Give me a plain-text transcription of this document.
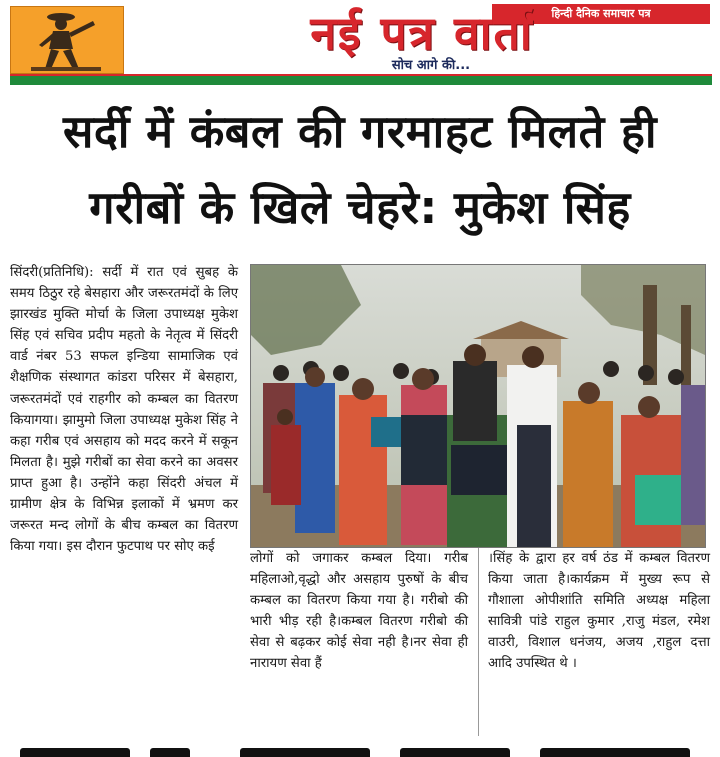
हिन्दी दैनिक समाचार पत्र
नई पत्र वार्ता
सोच आगे की...
सर्दी में कंबल की गरमाहट मिलते ही
गरीबों के खिले चेहरे: मुकेश सिंह
सिंदरी(प्रतिनिधि): सर्दी में रात एवं सुबह के समय ठिठुर रहे बेसहारा और जरूरतमंदों के लिए झारखंड मुक्ति मोर्चा के जिला उपाध्यक्ष मुकेश सिंह एवं सचिव प्रदीप महतो के नेतृत्व में सिंदरी वार्ड नंबर 53 सफल इन्डिया सामाजिक एवं शैक्षणिक संस्थागत कांडरा परिसर में बेसहारा, जरूरतमंदों एवं राहगीर को कम्बल का वितरण कियागया। झामुमो जिला उपाध्यक्ष मुकेश सिंह ने कहा गरीब एवं असहाय को मदद करने में सकून मिलता है। मुझे गरीबों का सेवा करने का अवसर प्राप्त हुआ है। उन्होंने कहा सिंदरी अंचल में ग्रामीण क्षेत्र के विभिन्न इलाकों में भ्रमण कर जरूरत मन्द लोगों के बीच कम्बल का वितरण किया गया। इस दौरान फुटपाथ पर सोए कई
लोगों को जगाकर कम्बल दिया। गरीब महिलाओ,वृद्धो और असहाय पुरुषों के बीच कम्बल का वितरण किया गया है। गरीबो की भारी भीड़ रही है।कम्बल वितरण गरीबो की सेवा से बढ़कर कोई सेवा नही है।नर सेवा ही नारायण सेवा हैं
।सिंह के द्वारा हर वर्ष ठंड में कम्बल वितरण किया जाता है।कार्यक्रम में मुख्य रूप से गौशाला ओपीशांति समिति अध्यक्ष महिला सावित्री पांडे राहुल कुमार ,राजु मंडल, रमेश वाउरी, विशाल धनंजय, अजय ,राहुल दत्ता आदि उपस्थित थे ।
